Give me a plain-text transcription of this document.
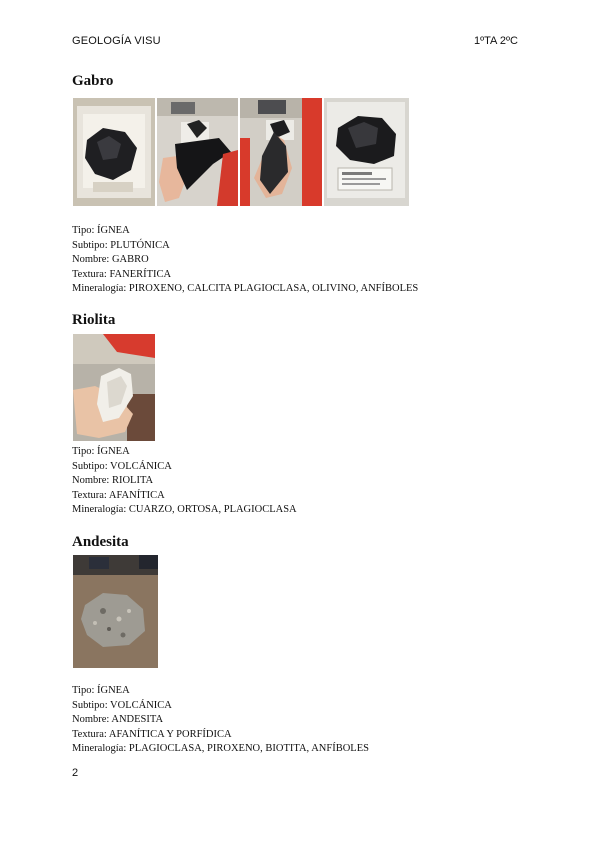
GEOLOGÍA VISU	1ºTA 2ºC
Gabro
Tipo: ÍGNEA
Subtipo: PLUTÓNICA
Nombre: GABRO
Textura: FANERÍTICA
Mineralogía: PIROXENO, CALCITA PLAGIOCLASA, OLIVINO, ANFÍBOLES
Riolita
Tipo: ÍGNEA
Subtipo: VOLCÁNICA
Nombre: RIOLITA
Textura: AFANÍTICA
Mineralogía: CUARZO, ORTOSA, PLAGIOCLASA
Andesita
Tipo: ÍGNEA
Subtipo: VOLCÁNICA
Nombre: ANDESITA
Textura: AFANÍTICA Y PORFÍDICA
Mineralogía: PLAGIOCLASA, PIROXENO, BIOTITA, ANFÍBOLES
2
